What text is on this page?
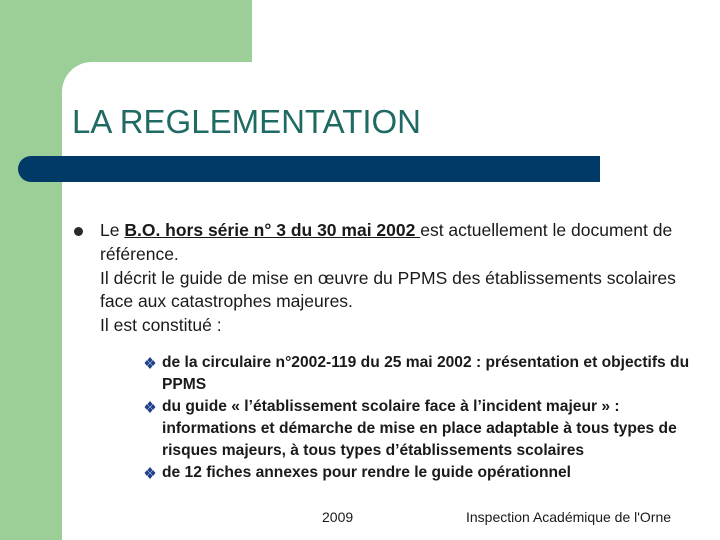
LA REGLEMENTATION
Le B.O. hors série n° 3 du 30 mai 2002 est actuellement le document de référence.
Il décrit le guide de mise en œuvre du PPMS des établissements scolaires face aux catastrophes majeures.
Il est constitué :
de la circulaire n°2002-119 du 25 mai 2002 : présentation et objectifs du PPMS
du guide « l’établissement scolaire face à l’incident majeur » : informations et démarche de mise en place adaptable à tous types de risques majeurs, à tous types d’établissements scolaires
de 12 fiches annexes pour rendre le guide opérationnel
2009	Inspection Académique de l'Orne
